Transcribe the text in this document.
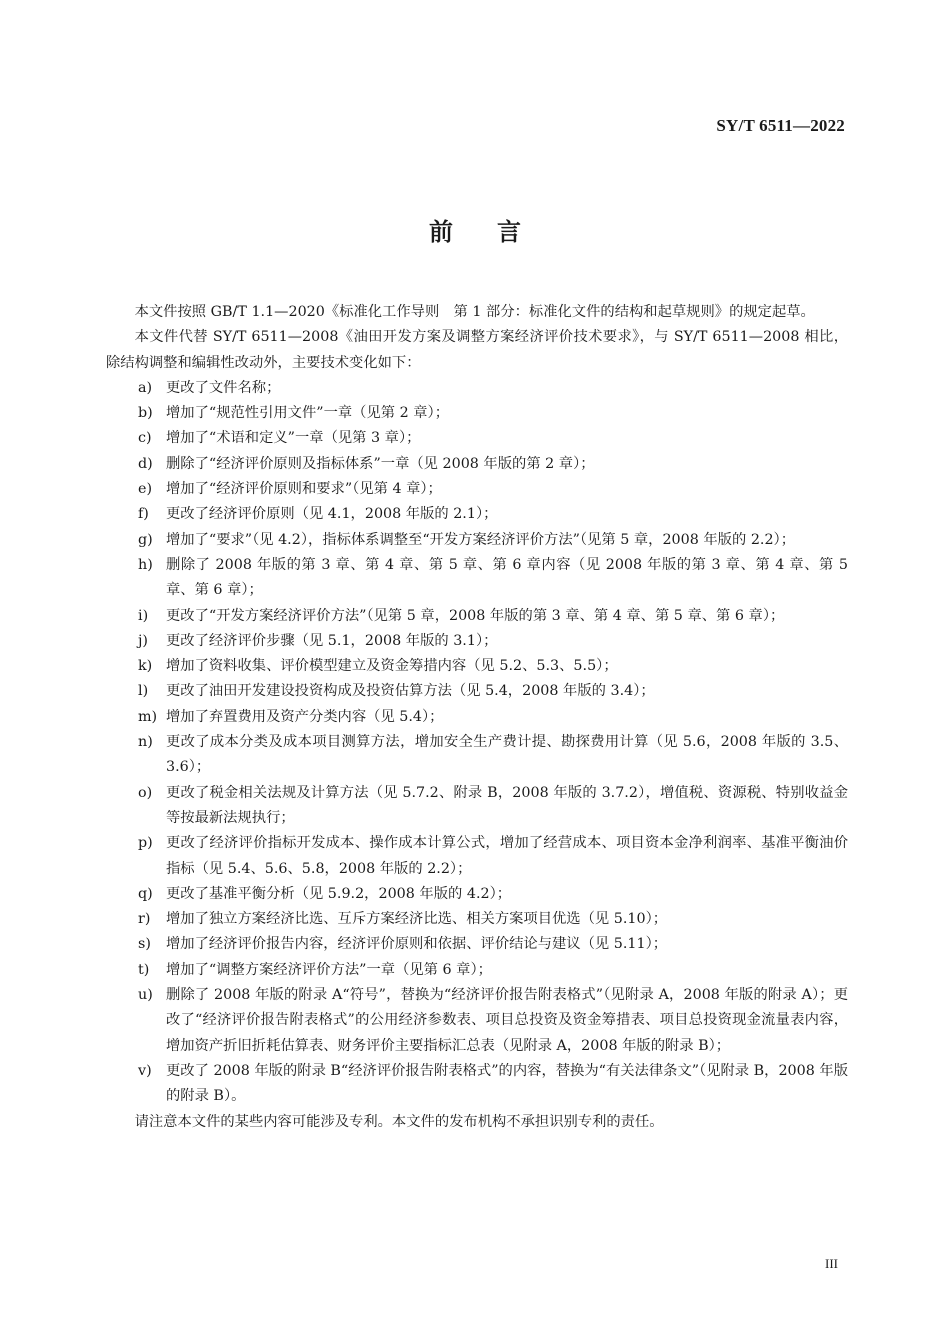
SY/T 6511—2022
前言

本文件按照 GB/T 1.1—2020《标准化工作导则　第 1 部分：标准化文件的结构和起草规则》的规定起草。

本文件代替 SY/T 6511—2008《油田开发方案及调整方案经济评价技术要求》，与 SY/T 6511—2008 相比，除结构调整和编辑性改动外，主要技术变化如下：

a) 更改了文件名称；
b) 增加了“规范性引用文件”一章（见第 2 章）；
c)	增加了“术语和定义”一章（见第 3 章）；
d) 删除了“经济评价原则及指标体系”一章（见 2008 年版的第 2 章）；
e) 增加了“经济评价原则和要求”（见第 4 章）；
f)	更改了经济评价原则（见 4.1，2008 年版的 2.1）；
g) 增加了“要求”（见 4.2），指标体系调整至“开发方案经济评价方法”（见第 5 章，2008 年版的 2.2）；
h) 删除了 2008 年版的第 3 章、第 4 章、第 5 章、第 6 章内容（见 2008 年版的第 3 章、第 4 章、第 5 章、第 6 章）；
i)	更改了“开发方案经济评价方法”（见第 5 章，2008 年版的第 3 章、第 4 章、第 5 章、第 6 章）；
j)	更改了经济评价步骤（见 5.1，2008 年版的 3.1）；
k) 增加了资料收集、评价模型建立及资金筹措内容（见 5.2、5.3、5.5）；
l)	更改了油田开发建设投资构成及投资估算方法（见 5.4，2008 年版的 3.4）；
m) 增加了弃置费用及资产分类内容（见 5.4）；
n) 更改了成本分类及成本项目测算方法，增加安全生产费计提、勘探费用计算（见 5.6，2008 年版的 3.5、3.6）；
o) 更改了税金相关法规及计算方法（见 5.7.2、附录 B，2008 年版的 3.7.2），增值税、资源税、特别收益金等按最新法规执行；
p) 更改了经济评价指标开发成本、操作成本计算公式，增加了经营成本、项目资本金净利润率、基准平衡油价指标（见 5.4、5.6、5.8，2008 年版的 2.2）；
q) 更改了基准平衡分析（见 5.9.2，2008 年版的 4.2）；
r)	增加了独立方案经济比选、互斥方案经济比选、相关方案项目优选（见 5.10）；
s)	增加了经济评价报告内容，经济评价原则和依据、评价结论与建议（见 5.11）；
t)	增加了“调整方案经济评价方法”一章（见第 6 章）；
u) 删除了 2008 年版的附录 A“符号”，替换为“经济评价报告附表格式”（见附录 A，2008 年版的附录 A）；更改了“经济评价报告附表格式”的公用经济参数表、项目总投资及资金筹措表、项目总投资现金流量表内容，增加资产折旧折耗估算表、财务评价主要指标汇总表（见附录 A，2008 年版的附录 B）；
v)	更改了 2008 年版的附录 B“经济评价报告附表格式”的内容，替换为“有关法律条文”（见附录 B，2008 年版的附录 B）。

请注意本文件的某些内容可能涉及专利。本文件的发布机构不承担识别专利的责任。

III
